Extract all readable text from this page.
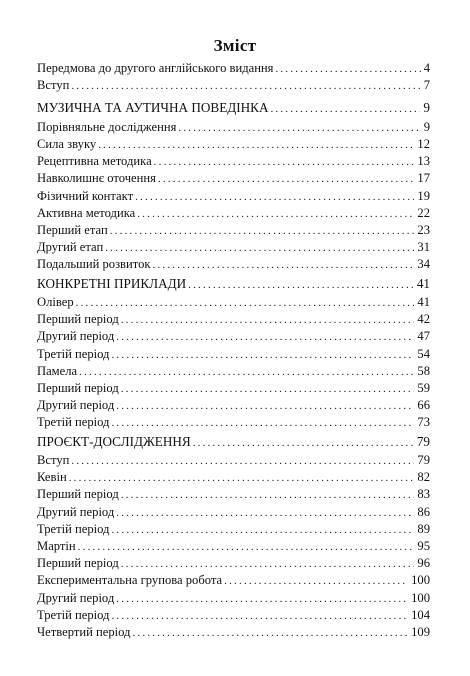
Зміст
Передмова до другого англійського видання .....	4
Вступ .....	7
МУЗИЧНА ТА АУТИЧНА ПОВЕДІНКА .....	9
Порівняльне дослідження .....	9
Сила звуку .....	12
Рецептивна методика .....	13
Навколишнє оточення .....	17
Фізичний контакт .....	19
Активна методика .....	22
Перший етап .....	23
Другий етап .....	31
Подальший розвиток .....	34
КОНКРЕТНІ ПРИКЛАДИ .....	41
Олівер .....	41
Перший період .....	42
Другий період .....	47
Третій період .....	54
Памела .....	58
Перший період .....	59
Другий період .....	66
Третій період .....	73
ПРОЄКТ-ДОСЛІДЖЕННЯ .....	79
Вступ .....	79
Кевін .....	82
Перший період .....	83
Другий період .....	86
Третій період .....	89
Мартін .....	95
Перший період .....	96
Експериментальна групова робота .....	100
Другий період .....	100
Третій період .....	104
Четвертий період .....	109
